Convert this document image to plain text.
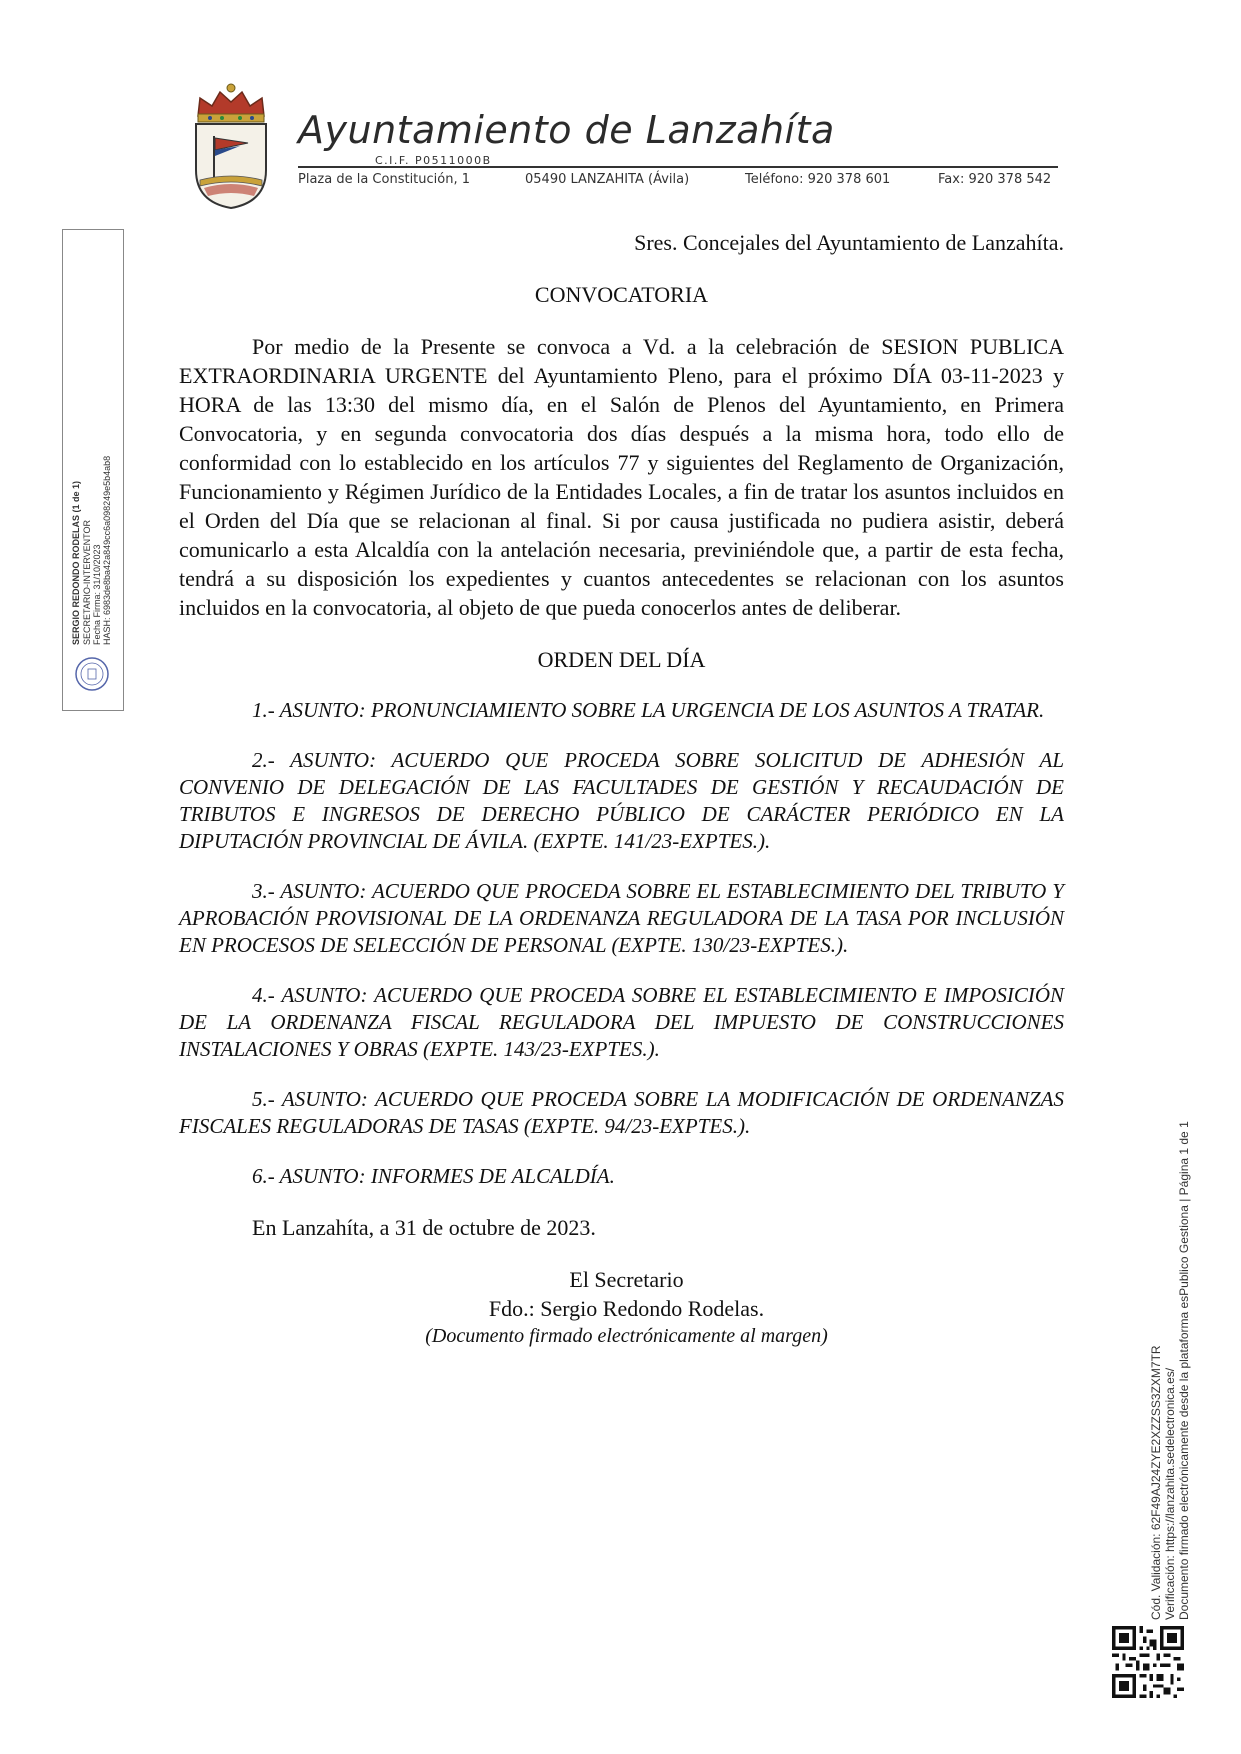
Ayuntamiento de Lanzahíta
C.I.F. P0511000B
Plaza de la Constitución, 1	05490 LANZAHITA (Ávila)	Teléfono: 920 378 601	Fax: 920 378 542
SERGIO REDONDO RODELAS (1 de 1) SECRETARIO-INTERVENTOR Fecha Firma: 31/10/2023 HASH: 6983de8ba42a849cc6a098249e5b4ab8
Cód. Validación: 62F49AJ24ZYE2XZZSS3ZXM7TR Verificación: https://lanzahita.sedelectronica.es/ Documento firmado electrónicamente desde la plataforma esPublico Gestiona | Página 1 de 1

Sres. Concejales del Ayuntamiento de Lanzahíta.

CONVOCATORIA

Por medio de la Presente se convoca a Vd. a la celebración de SESION PUBLICA EXTRAORDINARIA URGENTE del Ayuntamiento Pleno, para el próximo DÍA 03-11-2023 y HORA de las 13:30 del mismo día, en el Salón de Plenos del Ayuntamiento, en Primera Convocatoria, y en segunda convocatoria dos días después a la misma hora, todo ello de conformidad con lo establecido en los artículos 77 y siguientes del Reglamento de Organización, Funcionamiento y Régimen Jurídico de la Entidades Locales, a fin de tratar los asuntos incluidos en el Orden del Día que se relacionan al final. Si por causa justificada no pudiera asistir, deberá comunicarlo a esta Alcaldía con la antelación necesaria, previniéndole que, a partir de esta fecha, tendrá a su disposición los expedientes y cuantos antecedentes se relacionan con los asuntos incluidos en la convocatoria, al objeto de que pueda conocerlos antes de deliberar.

ORDEN DEL DÍA

1.- ASUNTO: PRONUNCIAMIENTO SOBRE LA URGENCIA DE LOS ASUNTOS A TRATAR.

2.- ASUNTO: ACUERDO QUE PROCEDA SOBRE SOLICITUD DE ADHESIÓN AL CONVENIO DE DELEGACIÓN DE LAS FACULTADES DE GESTIÓN Y RECAUDACIÓN DE TRIBUTOS E INGRESOS DE DERECHO PÚBLICO DE CARÁCTER PERIÓDICO EN LA DIPUTACIÓN PROVINCIAL DE ÁVILA. (EXPTE. 141/23-EXPTES.).

3.- ASUNTO: ACUERDO QUE PROCEDA SOBRE EL ESTABLECIMIENTO DEL TRIBUTO Y APROBACIÓN PROVISIONAL DE LA ORDENANZA REGULADORA DE LA TASA POR INCLUSIÓN EN PROCESOS DE SELECCIÓN DE PERSONAL (EXPTE. 130/23-EXPTES.).

4.- ASUNTO: ACUERDO QUE PROCEDA SOBRE EL ESTABLECIMIENTO E IMPOSICIÓN DE LA ORDENANZA FISCAL REGULADORA DEL IMPUESTO DE CONSTRUCCIONES INSTALACIONES Y OBRAS (EXPTE. 143/23-EXPTES.).

5.- ASUNTO: ACUERDO QUE PROCEDA SOBRE LA MODIFICACIÓN DE ORDENANZAS FISCALES REGULADORAS DE TASAS (EXPTE. 94/23-EXPTES.).

6.- ASUNTO: INFORMES DE ALCALDÍA.

En Lanzahíta, a 31 de octubre de 2023.

El Secretario

Fdo.: Sergio Redondo Rodelas.

(Documento firmado electrónicamente al margen)
